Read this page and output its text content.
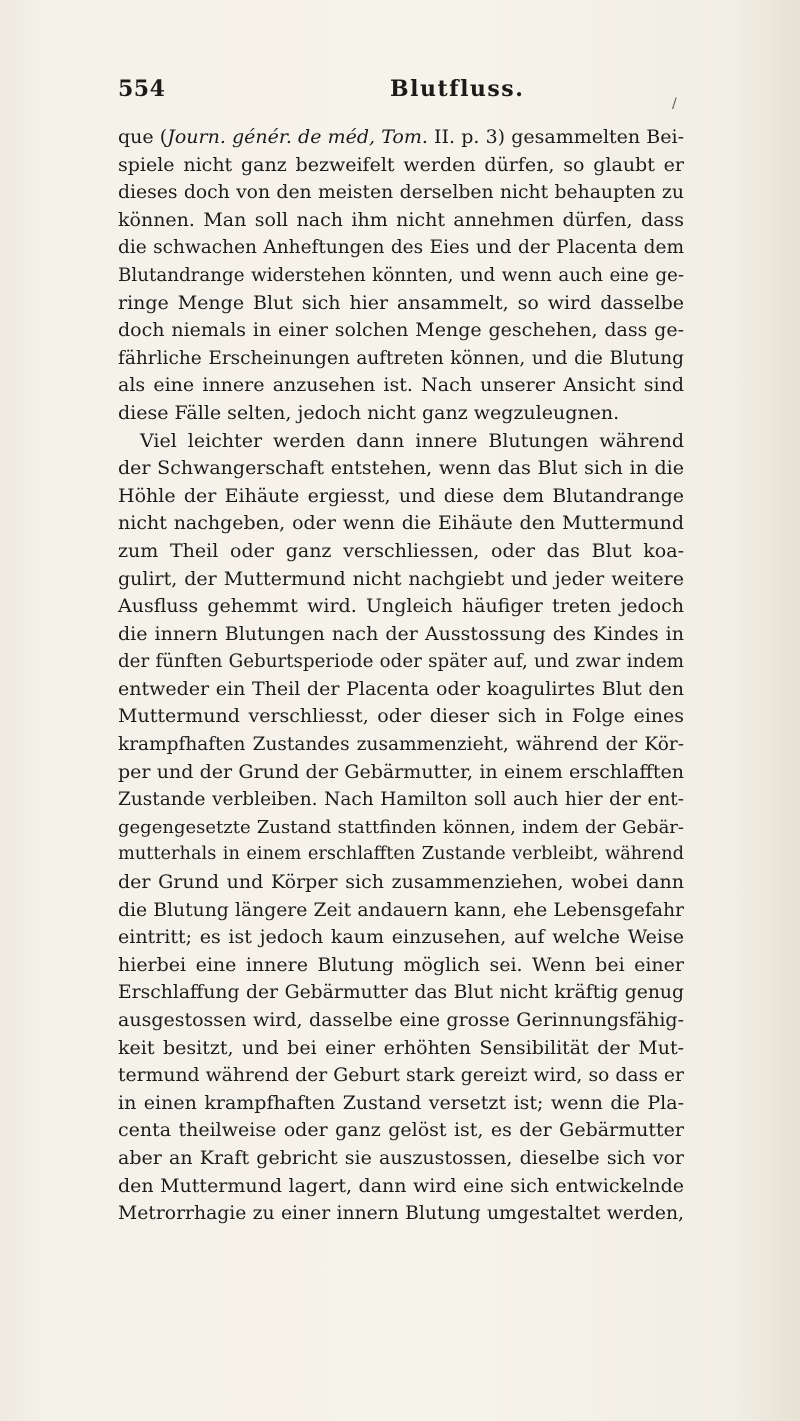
554	Blutfluss.
/
que (Journ. génér. de méd, Tom. II. p. 3) gesammelten Bei-
spiele nicht ganz bezweifelt werden dürfen, so glaubt er
dieses doch von den meisten derselben nicht behaupten zu
können. Man soll nach ihm nicht annehmen dürfen, dass
die schwachen Anheftungen des Eies und der Placenta dem
Blutandrange widerstehen könnten, und wenn auch eine ge-
ringe Menge Blut sich hier ansammelt, so wird dasselbe
doch niemals in einer solchen Menge geschehen, dass ge-
fährliche Erscheinungen auftreten können, und die Blutung
als eine innere anzusehen ist. Nach unserer Ansicht sind
diese Fälle selten, jedoch nicht ganz wegzuleugnen.
Viel leichter werden dann innere Blutungen während
der Schwangerschaft entstehen, wenn das Blut sich in die
Höhle der Eihäute ergiesst, und diese dem Blutandrange
nicht nachgeben, oder wenn die Eihäute den Muttermund
zum Theil oder ganz verschliessen, oder das Blut koa-
gulirt, der Muttermund nicht nachgiebt und jeder weitere
Ausfluss gehemmt wird. Ungleich häufiger treten jedoch
die innern Blutungen nach der Ausstossung des Kindes in
der fünften Geburtsperiode oder später auf, und zwar indem
entweder ein Theil der Placenta oder koagulirtes Blut den
Muttermund verschliesst, oder dieser sich in Folge eines
krampfhaften Zustandes zusammenzieht, während der Kör-
per und der Grund der Gebärmutter, in einem erschlafften
Zustande verbleiben. Nach Hamilton soll auch hier der ent-
gegengesetzte Zustand stattfinden können, indem der Gebär-
mutterhals in einem erschlafften Zustande verbleibt, während
der Grund und Körper sich zusammenziehen, wobei dann
die Blutung längere Zeit andauern kann, ehe Lebensgefahr
eintritt; es ist jedoch kaum einzusehen, auf welche Weise
hierbei eine innere Blutung möglich sei. Wenn bei einer
Erschlaffung der Gebärmutter das Blut nicht kräftig genug
ausgestossen wird, dasselbe eine grosse Gerinnungsfähig-
keit besitzt, und bei einer erhöhten Sensibilität der Mut-
termund während der Geburt stark gereizt wird, so dass er
in einen krampfhaften Zustand versetzt ist; wenn die Pla-
centa theilweise oder ganz gelöst ist, es der Gebärmutter
aber an Kraft gebricht sie auszustossen, dieselbe sich vor
den Muttermund lagert, dann wird eine sich entwickelnde
Metrorrhagie zu einer innern Blutung umgestaltet werden,
